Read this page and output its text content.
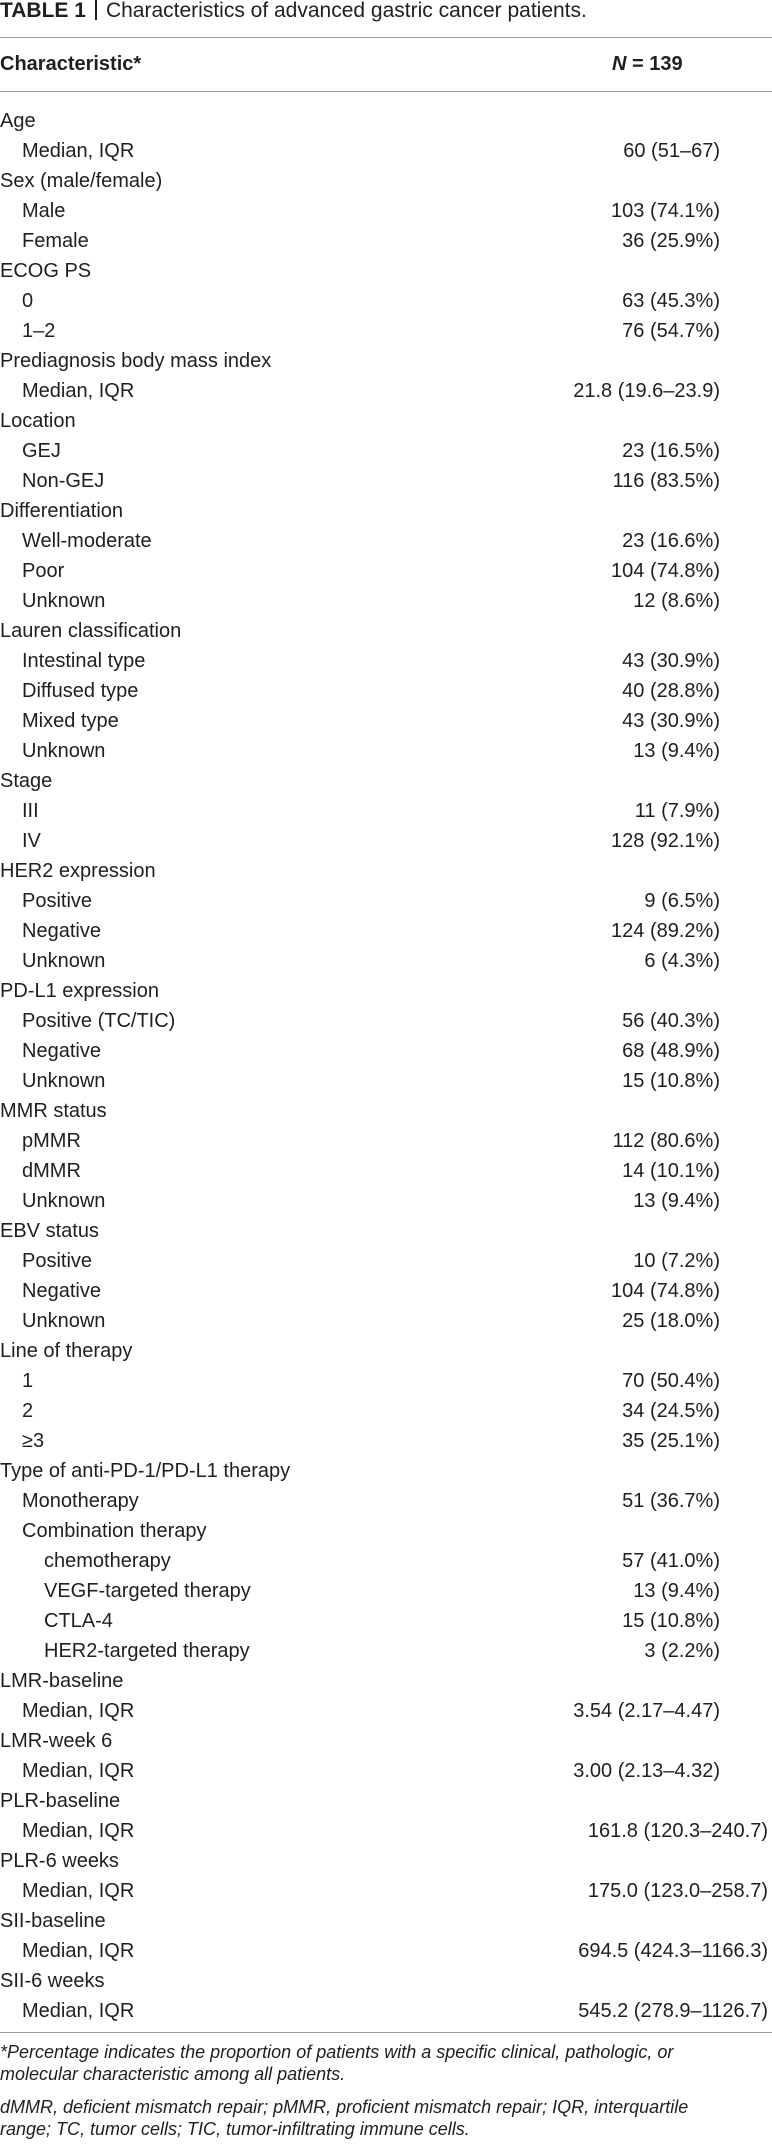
TABLE 1 Characteristics of advanced gastric cancer patients.
Characteristic*	N = 139
Age
Median, IQR	60 (51–67)
Sex (male/female)
Male	103 (74.1%)
Female	36 (25.9%)
ECOG PS
0	63 (45.3%)
1–2	76 (54.7%)
Prediagnosis body mass index
Median, IQR	21.8 (19.6–23.9)
Location
GEJ	23 (16.5%)
Non-GEJ	116 (83.5%)
Differentiation
Well-moderate	23 (16.6%)
Poor	104 (74.8%)
Unknown	12 (8.6%)
Lauren classification
Intestinal type	43 (30.9%)
Diffused type	40 (28.8%)
Mixed type	43 (30.9%)
Unknown	13 (9.4%)
Stage
III	11 (7.9%)
IV	128 (92.1%)
HER2 expression
Positive	9 (6.5%)
Negative	124 (89.2%)
Unknown	6 (4.3%)
PD-L1 expression
Positive (TC/TIC)	56 (40.3%)
Negative	68 (48.9%)
Unknown	15 (10.8%)
MMR status
pMMR	112 (80.6%)
dMMR	14 (10.1%)
Unknown	13 (9.4%)
EBV status
Positive	10 (7.2%)
Negative	104 (74.8%)
Unknown	25 (18.0%)
Line of therapy
1	70 (50.4%)
2	34 (24.5%)
≥3	35 (25.1%)
Type of anti-PD-1/PD-L1 therapy
Monotherapy	51 (36.7%)
Combination therapy
chemotherapy	57 (41.0%)
VEGF-targeted therapy	13 (9.4%)
CTLA-4	15 (10.8%)
HER2-targeted therapy	3 (2.2%)
LMR-baseline
Median, IQR	3.54 (2.17–4.47)
LMR-week 6
Median, IQR	3.00 (2.13–4.32)
PLR-baseline
Median, IQR	161.8 (120.3–240.7)
PLR-6 weeks
Median, IQR	175.0 (123.0–258.7)
SII-baseline
Median, IQR	694.5 (424.3–1166.3)
SII-6 weeks
Median, IQR	545.2 (278.9–1126.7)
*Percentage indicates the proportion of patients with a specific clinical, pathologic, or
molecular characteristic among all patients.
dMMR, deficient mismatch repair; pMMR, proficient mismatch repair; IQR, interquartile
range; TC, tumor cells; TIC, tumor-infiltrating immune cells.
